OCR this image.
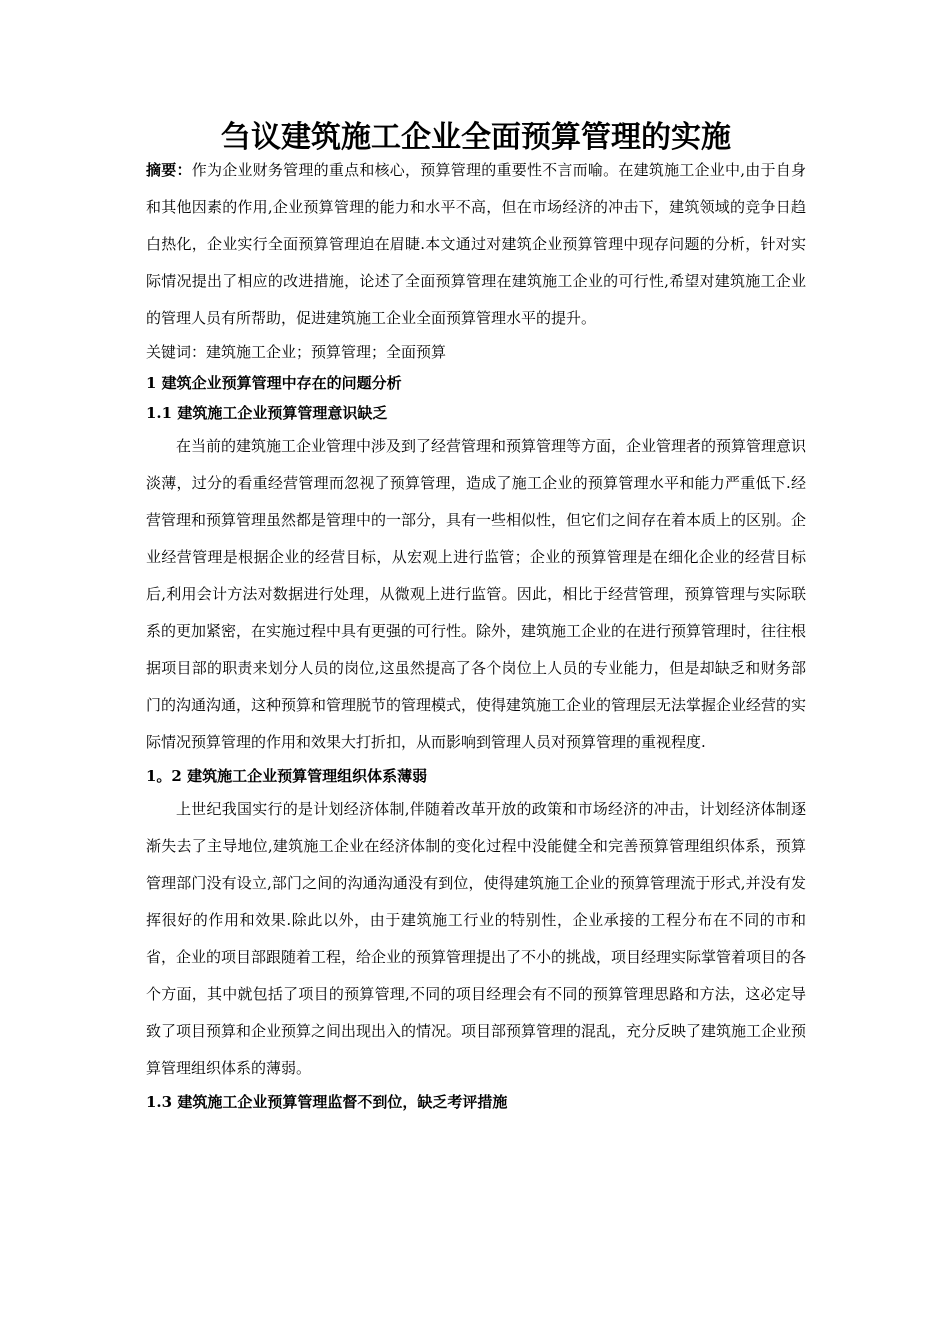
刍议建筑施工企业全面预算管理的实施

摘要：作为企业财务管理的重点和核心，预算管理的重要性不言而喻。在建筑施工企业中,由于自身和其他因素的作用,企业预算管理的能力和水平不高，但在市场经济的冲击下，建筑领域的竞争日趋白热化，企业实行全面预算管理迫在眉睫.本文通过对建筑企业预算管理中现存问题的分析，针对实际情况提出了相应的改进措施，论述了全面预算管理在建筑施工企业的可行性,希望对建筑施工企业的管理人员有所帮助，促进建筑施工企业全面预算管理水平的提升。

关键词：建筑施工企业；预算管理；全面预算

1 建筑企业预算管理中存在的问题分析
1.1 建筑施工企业预算管理意识缺乏

在当前的建筑施工企业管理中涉及到了经营管理和预算管理等方面，企业管理者的预算管理意识淡薄，过分的看重经营管理而忽视了预算管理，造成了施工企业的预算管理水平和能力严重低下.经营管理和预算管理虽然都是管理中的一部分，具有一些相似性，但它们之间存在着本质上的区别。企业经营管理是根据企业的经营目标，从宏观上进行监管；企业的预算管理是在细化企业的经营目标后,利用会计方法对数据进行处理，从微观上进行监管。因此，相比于经营管理，预算管理与实际联系的更加紧密，在实施过程中具有更强的可行性。除外，建筑施工企业的在进行预算管理时，往往根据项目部的职责来划分人员的岗位,这虽然提高了各个岗位上人员的专业能力，但是却缺乏和财务部门的沟通沟通，这种预算和管理脱节的管理模式，使得建筑施工企业的管理层无法掌握企业经营的实际情况预算管理的作用和效果大打折扣，从而影响到管理人员对预算管理的重视程度.

1。2 建筑施工企业预算管理组织体系薄弱

上世纪我国实行的是计划经济体制,伴随着改革开放的政策和市场经济的冲击，计划经济体制逐渐失去了主导地位,建筑施工企业在经济体制的变化过程中没能健全和完善预算管理组织体系，预算管理部门没有设立,部门之间的沟通沟通没有到位，使得建筑施工企业的预算管理流于形式,并没有发挥很好的作用和效果.除此以外，由于建筑施工行业的特别性，企业承接的工程分布在不同的市和省，企业的项目部跟随着工程，给企业的预算管理提出了不小的挑战，项目经理实际掌管着项目的各个方面，其中就包括了项目的预算管理,不同的项目经理会有不同的预算管理思路和方法，这必定导致了项目预算和企业预算之间出现出入的情况。项目部预算管理的混乱，充分反映了建筑施工企业预算管理组织体系的薄弱。

1.3 建筑施工企业预算管理监督不到位，缺乏考评措施
